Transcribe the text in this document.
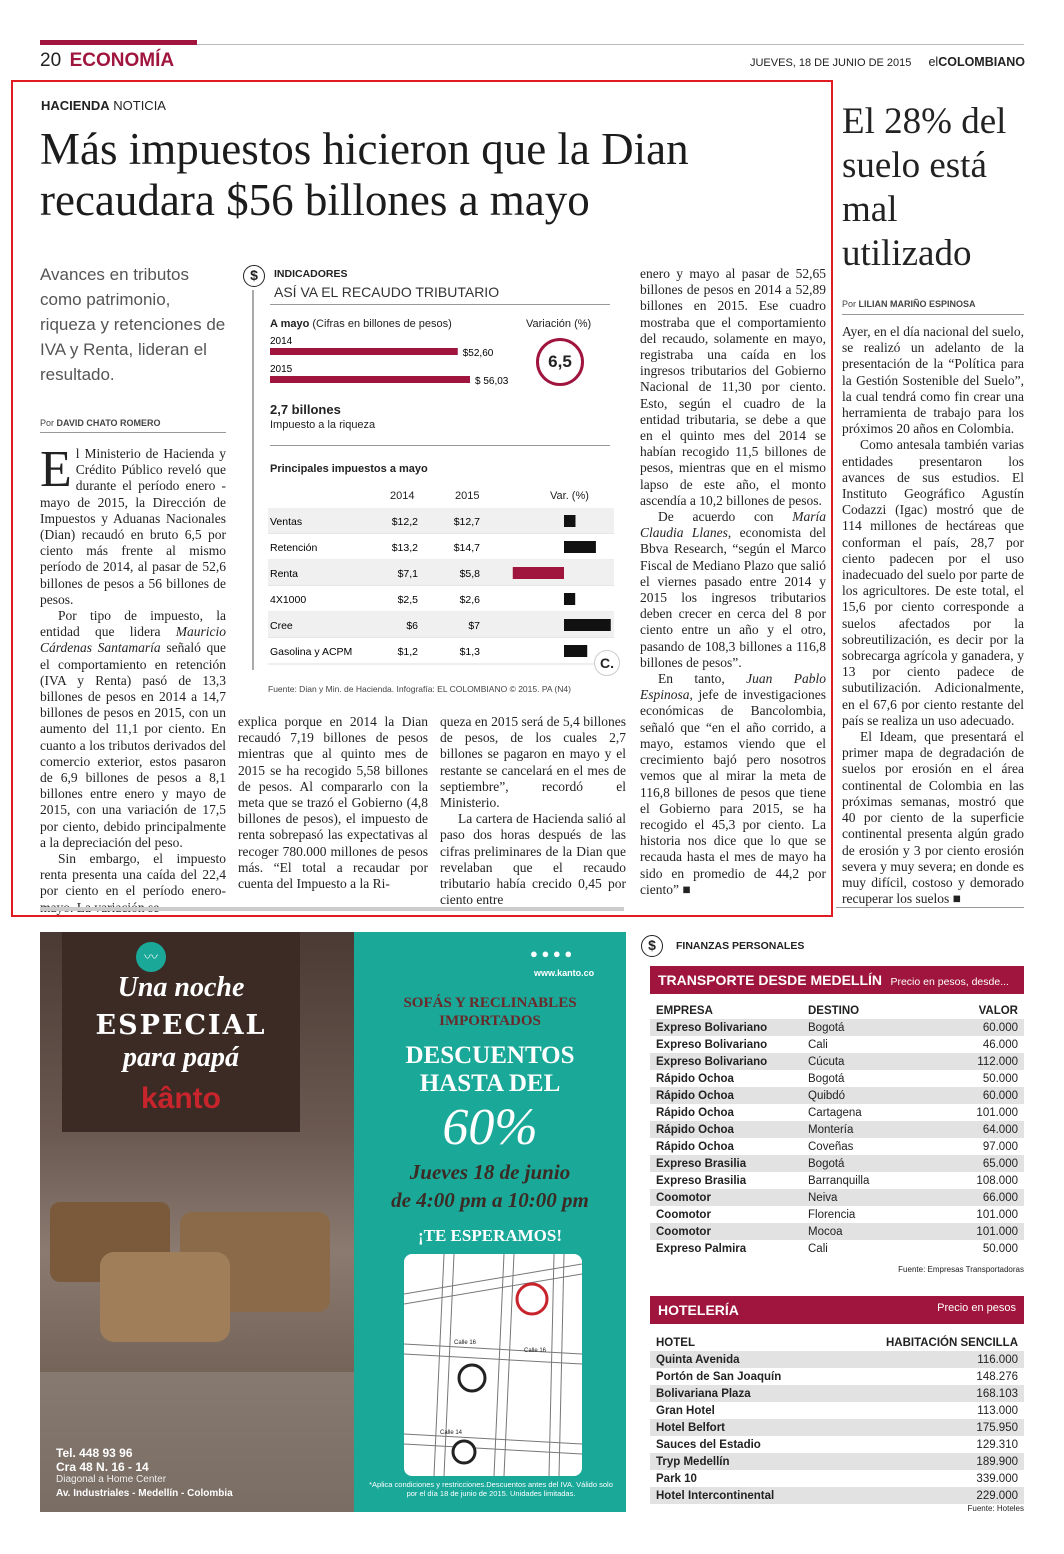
20 ECONOMÍA	JUEVES, 18 DE JUNIO DE 2015 elCOLOMBIANO
HACIENDA NOTICIA
Más impuestos hicieron que la Dian recaudara $56 billones a mayo
Avances en tributos como patrimonio, riqueza y retenciones de IVA y Renta, lideran el resultado.
Por DAVID CHATO ROMERO

El Ministerio de Hacienda y Crédito Público reveló que durante el período enero - mayo de 2015, la Dirección de Impuestos y Aduanas Nacionales (Dian) recaudó en bruto 6,5 por ciento más frente al mismo período de 2014, al pasar de 52,6 billones de pesos a 56 billones de pesos.

Por tipo de impuesto, la entidad que lidera Mauricio Cárdenas Santamaría señaló que el comportamiento en retención (IVA y Renta) pasó de 13,3 billones de pesos en 2014 a 14,7 billones de pesos en 2015, con un aumento del 11,1 por ciento. En cuanto a los tributos derivados del comercio exterior, estos pasaron de 6,9 billones de pesos a 8,1 billones entre enero y mayo de 2015, con una variación de 17,5 por ciento, debido principalmente a la depreciación del peso.

Sin embargo, el impuesto renta presenta una caída del 22,4 por ciento en el período enero-

explica porque en 2014 la Dian recaudó 7,19 billones de pesos mientras que al quinto mes de 2015 se ha recogido 5,58 billones de pesos. Al compararlo con la meta que se trazó el Gobierno (4,8 billones de pesos), el impuesto de renta sobrepasó las expectativas al recoger 780.000 millones de pesos más. “El total a recaudar por cuenta del Impuesto a la Ri-

queza en 2015 será de 5,4 billones de pesos, de los cuales 2,7 billones se pagaron en mayo y el restante se cancelará en el mes de septiembre”, recordó el Ministerio.

La cartera de Hacienda salió al paso dos horas después de las cifras preliminares de la Dian que revelaban que el recaudo tributario había crecido 0,45 por ciento entre

enero y mayo al pasar de 52,65 billones de pesos en 2014 a 52,89 billones en 2015. Ese cuadro mostraba que el comportamiento del recaudo, solamente en mayo, registraba una caída en los ingresos tributarios del Gobierno Nacional de 11,30 por ciento. Esto, según el cuadro de la entidad tributaria, se debe a que en el quinto mes del 2014 se habían recogido 11,5 billones de pesos, mientras que en el mismo lapso de este año, el monto ascendía a 10,2 billones de pesos.

De acuerdo con María Claudia Llanes, economista del Bbva Research, “según el Marco Fiscal de Mediano Plazo que salió el viernes pasado entre 2014 y 2015 los ingresos tributarios deben crecer en cerca del 8 por ciento entre un año y el otro, pasando de 108,3 billones a 116,8 billones de pesos”.

En tanto, Juan Pablo Espinosa, jefe de investigaciones económicas de Bancolombia, señaló que “en el año corrido, a mayo, estamos viendo que el crecimiento bajó pero nosotros vemos que al mirar la meta de 116,8 billones de pesos que tiene el Gobierno para 2015, se ha recogido el 45,3 por ciento. La historia nos dice que lo que se recauda hasta el mes de mayo ha sido en promedio de 44,2 por ciento” ■

$	INDICADORES
ASÍ VA EL RECAUDO TRIBUTARIO
A mayo (Cifras en billones de pesos)	Variación (%)
2014
$52,60
2015
$ 56,03
6,5
2,7 billones
Impuesto a la riqueza
Principales impuestos a mayo
2014	2015	Var. (%)
Ventas	$12,2	$12,7
Retención	$13,2	$14,7
Renta	$7,1	$5,8
4X1000	$2,5	$2,6
Cree	$6	$7
Gasolina y ACPM	$1,2	$1,3
C.
Fuente: Dian y Min. de Hacienda. Infografía: EL COLOMBIANO © 2015. PA (N4)
El 28% del suelo está mal utilizado
Por LILIAN MARIÑO ESPINOSA

Ayer, en el día nacional del suelo, se realizó un adelanto de la presentación de la “Política para la Gestión Sostenible del Suelo”, la cual tendrá como fin crear una herramienta de trabajo para los próximos 20 años en Colombia.

Como antesala también varias entidades presentaron los avances de sus estudios. El Instituto Geográfico Agustín Codazzi (Igac) mostró que de 114 millones de hectáreas que conforman el país, 28,7 por ciento padecen por el uso inadecuado del suelo por parte de los agricultores. De este total, el 15,6 por ciento corresponde a suelos afectados por la sobreutilización, es decir por la sobrecarga agrícola y ganadera, y 13 por ciento padece de subutilización. Adicionalmente, en el 67,6 por ciento restante del país se realiza un uso adecuado.

El Ideam, que presentará el primer mapa de degradación de suelos por erosión en el área continental de Colombia en las próximas semanas, mostró que 40 por ciento de la superficie continental presenta algún grado de erosión y 3 por ciento erosión severa y muy severa; en donde es muy difícil, costoso y demorado recuperar los suelos ■

〰
Una noche
ESPECIAL
para papá
kânto
Tel. 448 93 96
Cra 48 N. 16 - 14
Diagonal a Home Center
Av. Industriales - Medellín - Colombia
● ● ● ●
www.kanto.co
SOFÁS Y RECLINABLES IMPORTADOS
DESCUENTOS HASTA DEL
60%
Jueves 18 de junio
de 4:00 pm a 10:00 pm
¡TE ESPERAMOS!
Calle 16
Calle 16
Calle 14
*Aplica condiciones y restricciones.Descuentos antes del IVA. Válido solo por el día 18 de junio de 2015. Unidades limitadas.
$	FINANZAS PERSONALES
TRANSPORTE DESDE MEDELLÍN Precio en pesos, desde...
EMPRESA	DESTINO	VALOR
Expreso Bolivariano	Bogotá	60.000
Expreso Bolivariano	Cali	46.000
Expreso Bolivariano	Cúcuta	112.000
Rápido Ochoa	Bogotá	50.000
Rápido Ochoa	Quibdó	60.000
Rápido Ochoa	Cartagena	101.000
Rápido Ochoa	Montería	64.000
Rápido Ochoa	Coveñas	97.000
Expreso Brasilia	Bogotá	65.000
Expreso Brasilia	Barranquilla	108.000
Coomotor	Neiva	66.000
Coomotor	Florencia	101.000
Coomotor	Mocoa	101.000
Expreso Palmira	Cali	50.000
Fuente: Empresas Transportadoras
HOTELERÍA	Precio en pesos
HOTEL	HABITACIÓN SENCILLA
Quinta Avenida	116.000
Portón de San Joaquín	148.276
Bolivariana Plaza	168.103
Gran Hotel	113.000
Hotel Belfort	175.950
Sauces del Estadio	129.310
Tryp Medellín	189.900
Park 10	339.000
Hotel Intercontinental	229.000
Fuente: Hoteles
